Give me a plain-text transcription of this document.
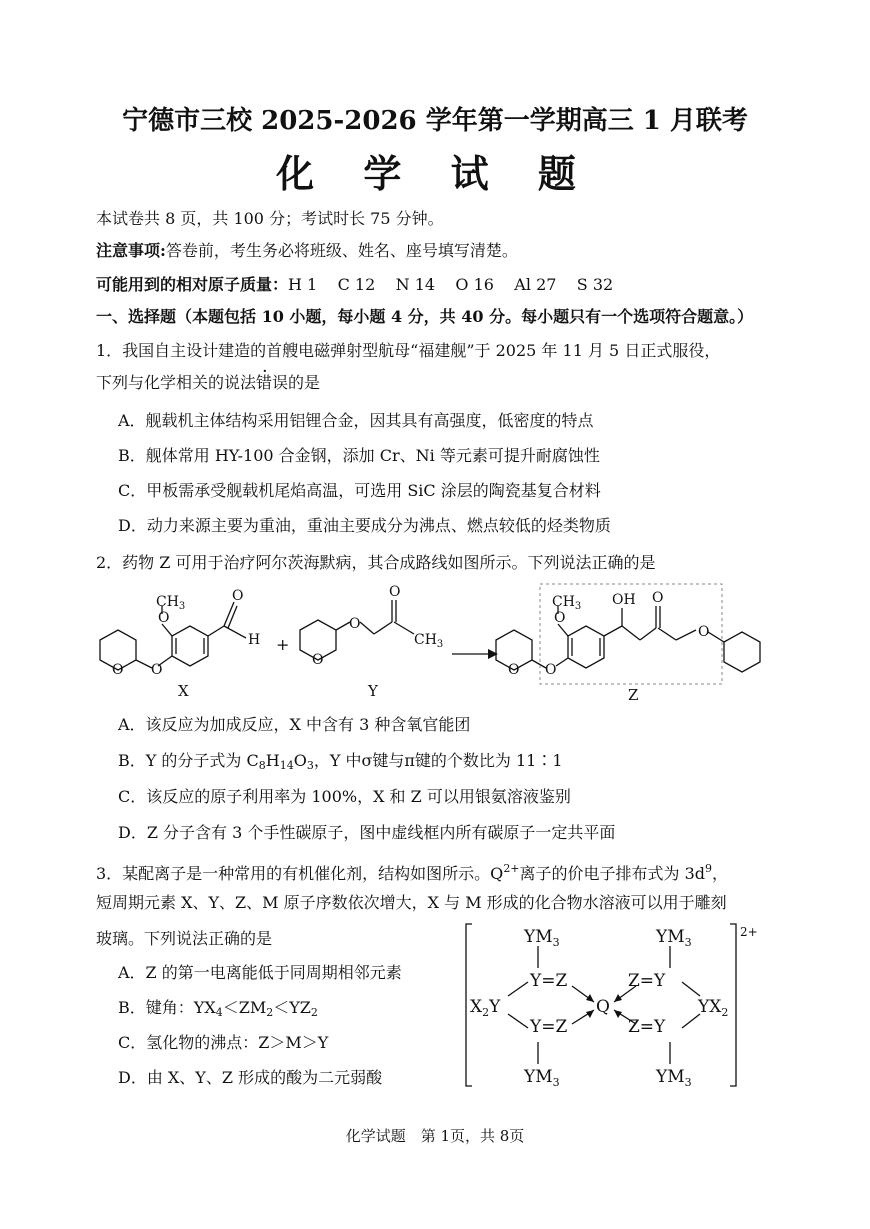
宁德市三校 2025-2026 学年第一学期高三 1 月联考
化 学 试 题
本试卷共 8 页，共 100 分；考试时长 75 分钟。
注意事项:答卷前，考生务必将班级、姓名、座号填写清楚。
可能用到的相对原子质量：H 1    C 12    N 14    O 16    Al 27    S 32
一、选择题（本题包括 10 小题，每小题 4 分，共 40 分。每小题只有一个选项符合题意。）
1．我国自主设计建造的首艘电磁弹射型航母“福建舰”于 2025 年 11 月 5 日正式服役，
下列与化学相关的说法错误的是
A．舰载机主体结构采用铝锂合金，因其具有高强度，低密度的特点
B．舰体常用 HY-100 合金钢，添加 Cr、Ni 等元素可提升耐腐蚀性
C．甲板需承受舰载机尾焰高温，可选用 SiC 涂层的陶瓷基复合材料
D．动力来源主要为重油，重油主要成分为沸点、燃点较低的烃类物质
2．药物 Z 可用于治疗阿尔茨海默病，其合成路线如图所示。下列说法正确的是
$CH_3$
O
O
O
O
H +
X
O
O
O
$CH_3$
Y
O O
$CH_3$
O
OH O
O
Z
A．该反应为加成反应，X 中含有 3 种含氧官能团
B．Y 的分子式为 $C_8H_{14}O_3$，Y 中σ键与π键的个数比为 11∶1
C．该反应的原子利用率为 100%，X 和 Z 可以用银氨溶液鉴别
D．Z 分子含有 3 个手性碳原子，图中虚线框内所有碳原子一定共平面
3．某配离子是一种常用的有机催化剂，结构如图所示。$Q^{2+}$离子的价电子排布式为 $3d^9$，
短周期元素 X、Y、Z、M 原子序数依次增大，X 与 M 形成的化合物水溶液可以用于雕刻
玻璃。下列说法正确的是
A．Z 的第一电离能低于同周期相邻元素
B．键角：$YX_4<ZM_2<YZ_2$
C．氢化物的沸点：Z＞M＞Y
D．由 X、Y、Z 形成的酸为二元弱酸
$YM_3$	$YM_3$
$YM_3$	$YM_3$
$X_2Y$	$YX_2$
Y=Z
Y=Z
Z=Y
Z=Y
Q
2+
化学试题　第 1页，共 8页
